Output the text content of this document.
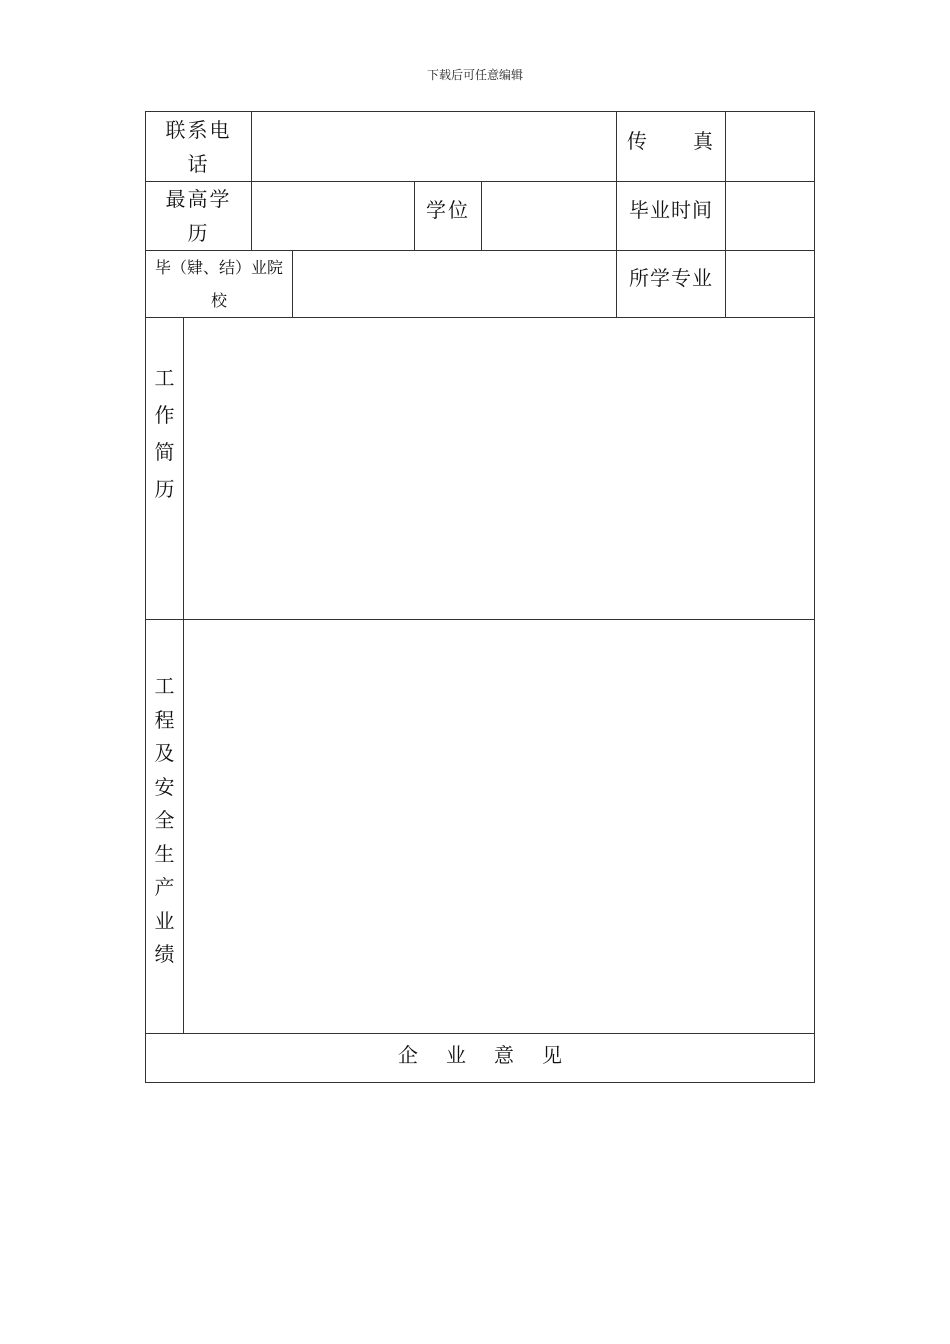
下载后可任意编辑
联系电
话
传 真
最高学
历
学位	毕业时间
毕（肄、结）业院
校
所学专业
工
作
简
历
工
程
及
安
全
生
产
业
绩
企 业 意 见
